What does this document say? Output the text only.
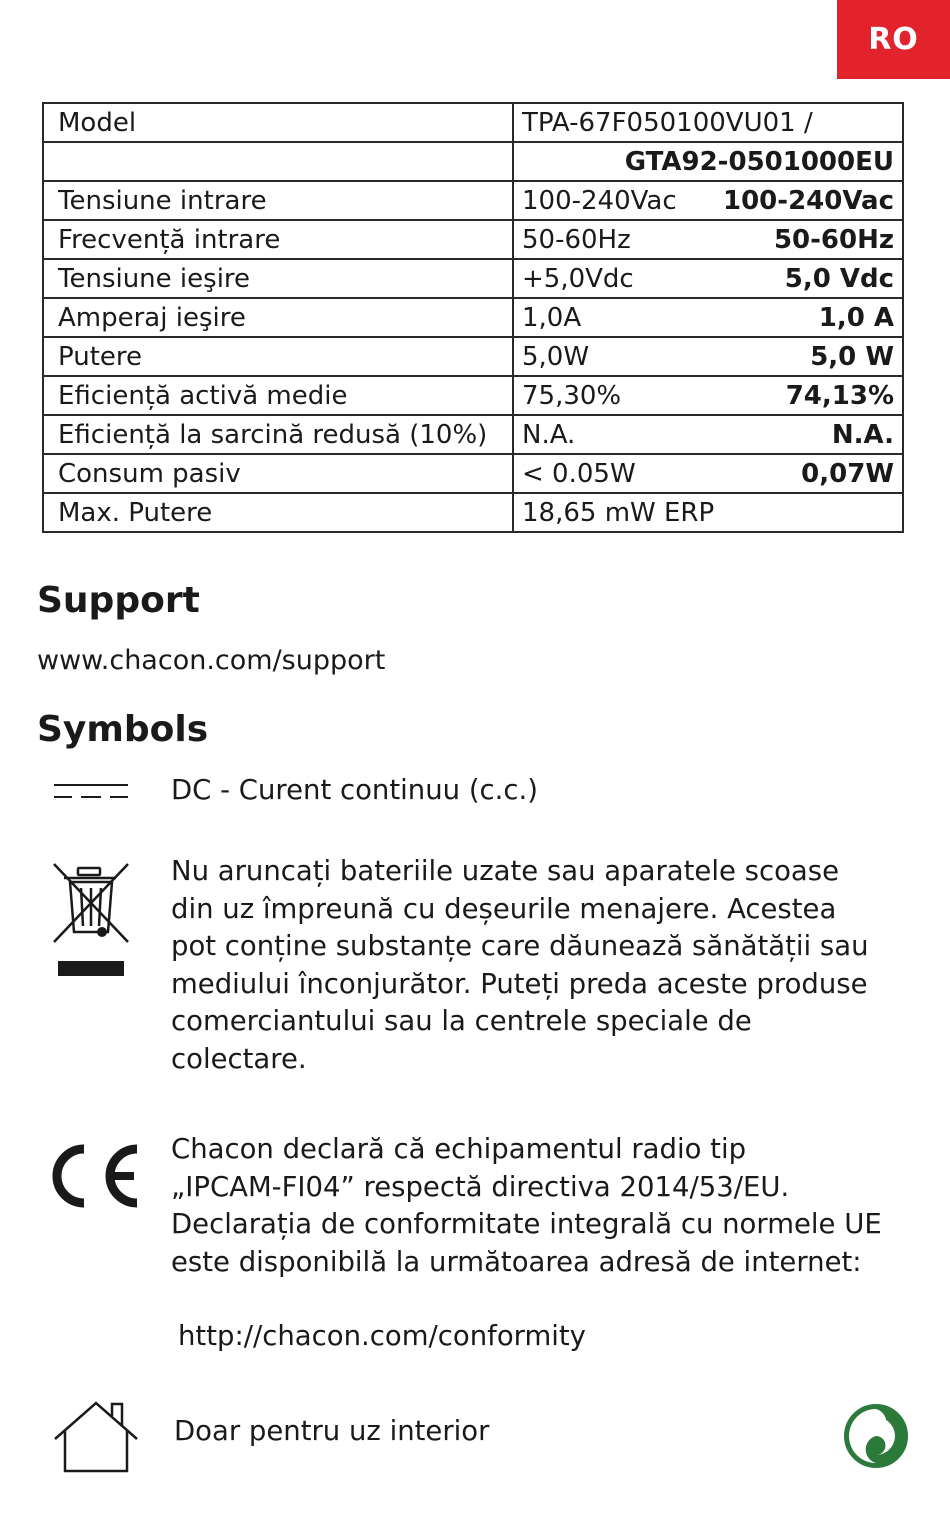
RO
Model	TPA-67F050100VU01 /

	GTA92-0501000EU

Tensiune intrare	100-240Vac 100-240Vac

Frecvență intrare	50-60Hz 50-60Hz

Tensiune ieşire	+5,0Vdc 5,0 Vdc

Amperaj ieşire	1,0A 1,0 A

Putere	5,0W 5,0 W

Eficiență activă medie	75,30% 74,13%

Eficiență la sarcină redusă (10%)	N.A. N.A.

Consum pasiv	< 0.05W 0,07W

Max. Putere	18,65 mW ERP
Support
www.chacon.com/support
Symbols

DC - Curent continuu (c.c.)

Nu aruncați bateriile uzate sau aparatele scoase
din uz împreună cu deșeurile menajere. Acestea
pot conține substanțe care dăunează sănătății sau
mediului înconjurător. Puteți preda aceste produse
comerciantului sau la centrele speciale de
colectare.

Chacon declară că echipamentul radio tip
„IPCAM-FI04” respectă directiva 2014/53/EU.
Declarația de conformitate integrală cu normele UE
este disponibilă la următoarea adresă de internet:

http://chacon.com/conformity

Doar pentru uz interior
